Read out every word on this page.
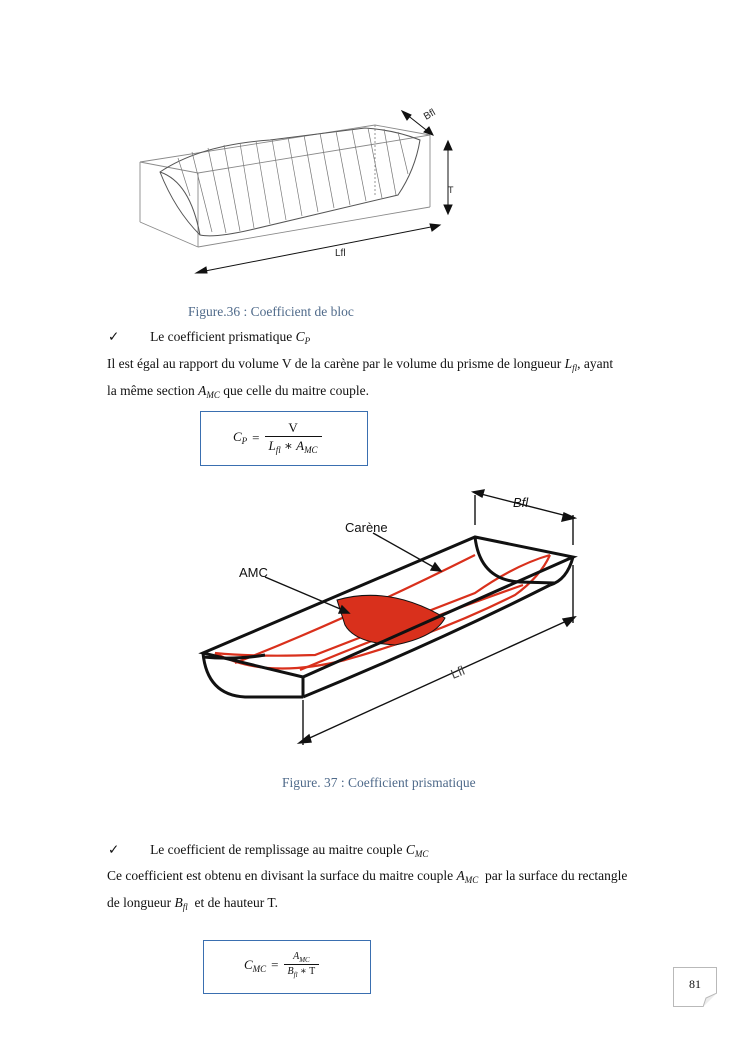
Bfl
T
Lfl
Figure.36 : Coefficient de bloc
✓ Le coefficient prismatique $C_P$
Il est égal au rapport du volume V de la carène par le volume du prisme de longueur $L_{fl}$, ayant
la même section $A_{MC}$ que celle du maitre couple.
$C_P = \frac{V}{L_{fl} ∗ A_{MC}}$
Bfl
Carène
AMC
Lfl
Figure. 37 : Coefficient prismatique
✓ Le coefficient de remplissage au maitre couple $C_{MC}$
Ce coefficient est obtenu en divisant la surface du maitre couple $A_{MC}$ par la surface du rectangle
de longueur $B_{fl}$ et de hauteur T.
$C_{MC} = \frac{A_{MC}}{B_{fl} ∗ T}$
81
